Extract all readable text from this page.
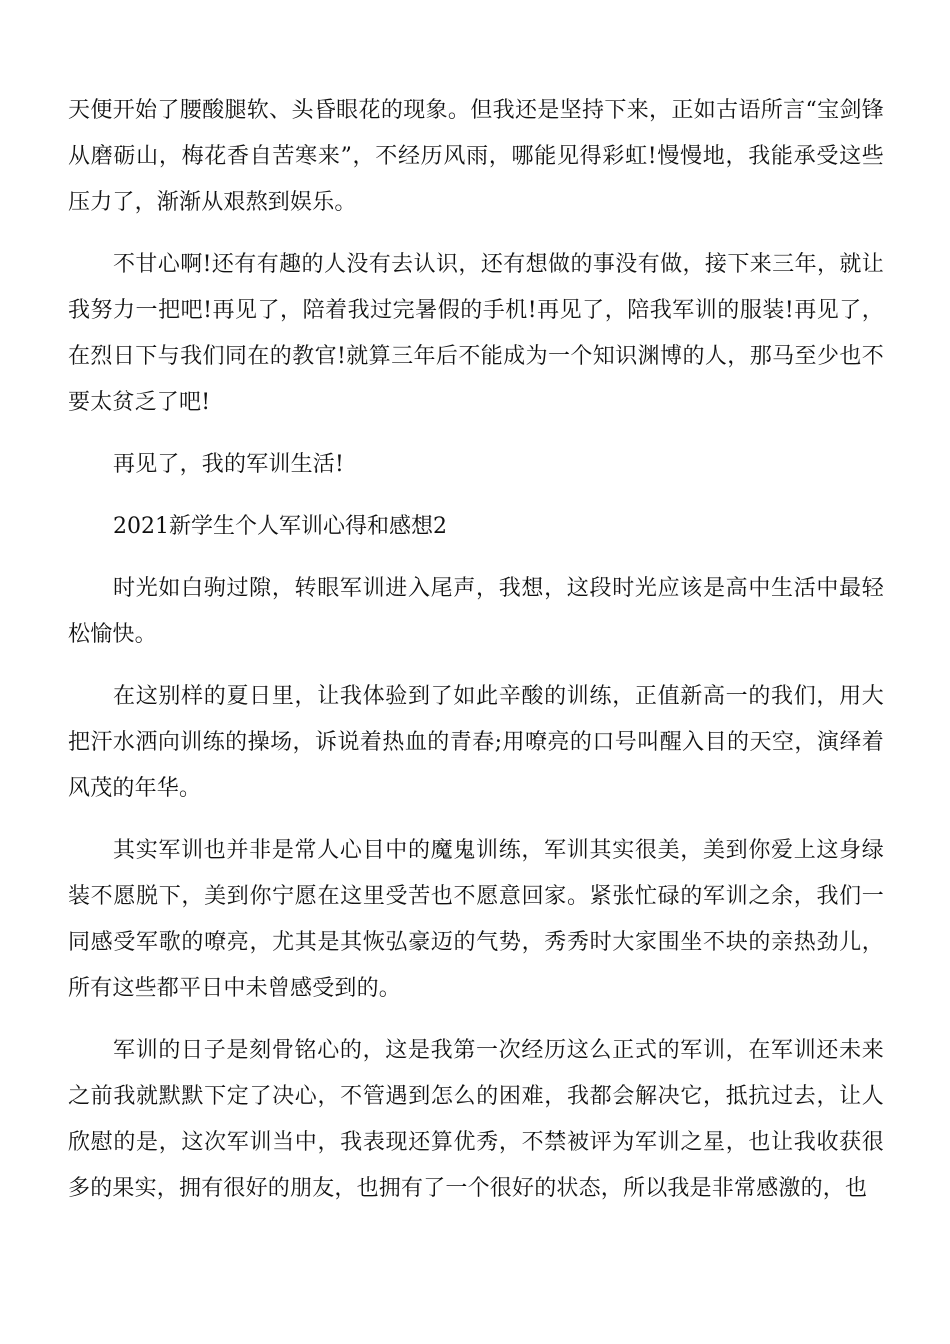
天便开始了腰酸腿软、头昏眼花的现象。但我还是坚持下来，正如古语所言“宝剑锋从磨砺山，梅花香自苦寒来”，不经历风雨，哪能见得彩虹!慢慢地，我能承受这些压力了，渐渐从艰熬到娱乐。

不甘心啊!还有有趣的人没有去认识，还有想做的事没有做，接下来三年，就让我努力一把吧!再见了，陪着我过完暑假的手机!再见了，陪我军训的服装!再见了，在烈日下与我们同在的教官!就算三年后不能成为一个知识渊博的人，那马至少也不要太贫乏了吧!

再见了，我的军训生活!

2021新学生个人军训心得和感想2

时光如白驹过隙，转眼军训进入尾声，我想，这段时光应该是高中生活中最轻松愉快。

在这别样的夏日里，让我体验到了如此辛酸的训练，正值新高一的我们，用大把汗水洒向训练的操场，诉说着热血的青春;用嘹亮的口号叫醒入目的天空，演绎着风茂的年华。

其实军训也并非是常人心目中的魔鬼训练，军训其实很美，美到你爱上这身绿装不愿脱下，美到你宁愿在这里受苦也不愿意回家。紧张忙碌的军训之余，我们一同感受军歌的嘹亮，尤其是其恢弘豪迈的气势，秀秀时大家围坐不块的亲热劲儿，所有这些都平日中未曾感受到的。

军训的日子是刻骨铭心的，这是我第一次经历这么正式的军训，在军训还未来之前我就默默下定了决心，不管遇到怎么的困难，我都会解决它，抵抗过去，让人欣慰的是，这次军训当中，我表现还算优秀，不禁被评为军训之星，也让我收获很多的果实，拥有很好的朋友，也拥有了一个很好的状态，所以我是非常感激的，也
